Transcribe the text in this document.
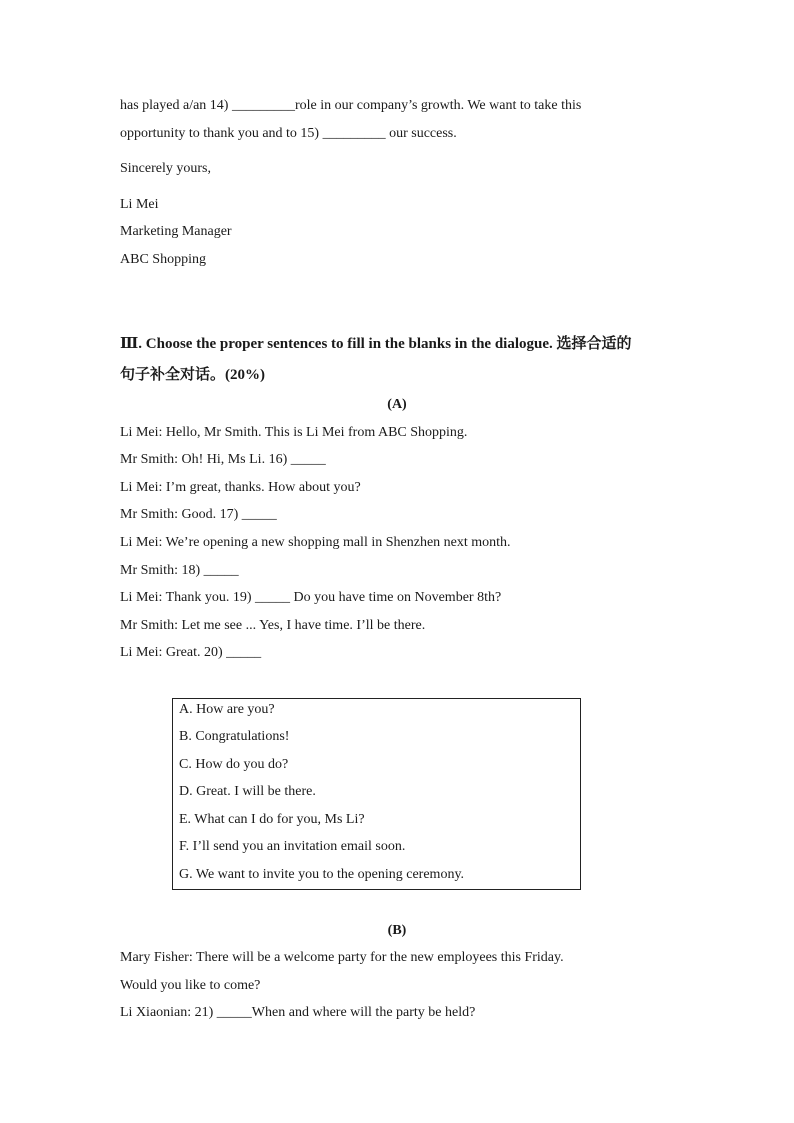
has played a/an 14) _________role in our company’s growth. We want to take this
opportunity to thank you and to 15) _________ our success.
Sincerely yours,
Li Mei
Marketing Manager
ABC Shopping
Ⅲ. Choose the proper sentences to fill in the blanks in the dialogue. 选择合适的
句子补全对话。(20%)
(A)
Li Mei: Hello, Mr Smith. This is Li Mei from ABC Shopping.
Mr Smith: Oh! Hi, Ms Li. 16) _____
Li Mei: I’m great, thanks. How about you?
Mr Smith: Good. 17) _____
Li Mei: We’re opening a new shopping mall in Shenzhen next month.
Mr Smith: 18) _____
Li Mei: Thank you. 19) _____ Do you have time on November 8th?
Mr Smith: Let me see ... Yes, I have time. I’ll be there.
Li Mei: Great. 20) _____
A. How are you?
B. Congratulations!
C. How do you do?
D. Great. I will be there.
E. What can I do for you, Ms Li?
F. I’ll send you an invitation email soon.
G. We want to invite you to the opening ceremony.
(B)
Mary Fisher: There will be a welcome party for the new employees this Friday.
Would you like to come?
Li Xiaonian: 21) _____When and where will the party be held?
